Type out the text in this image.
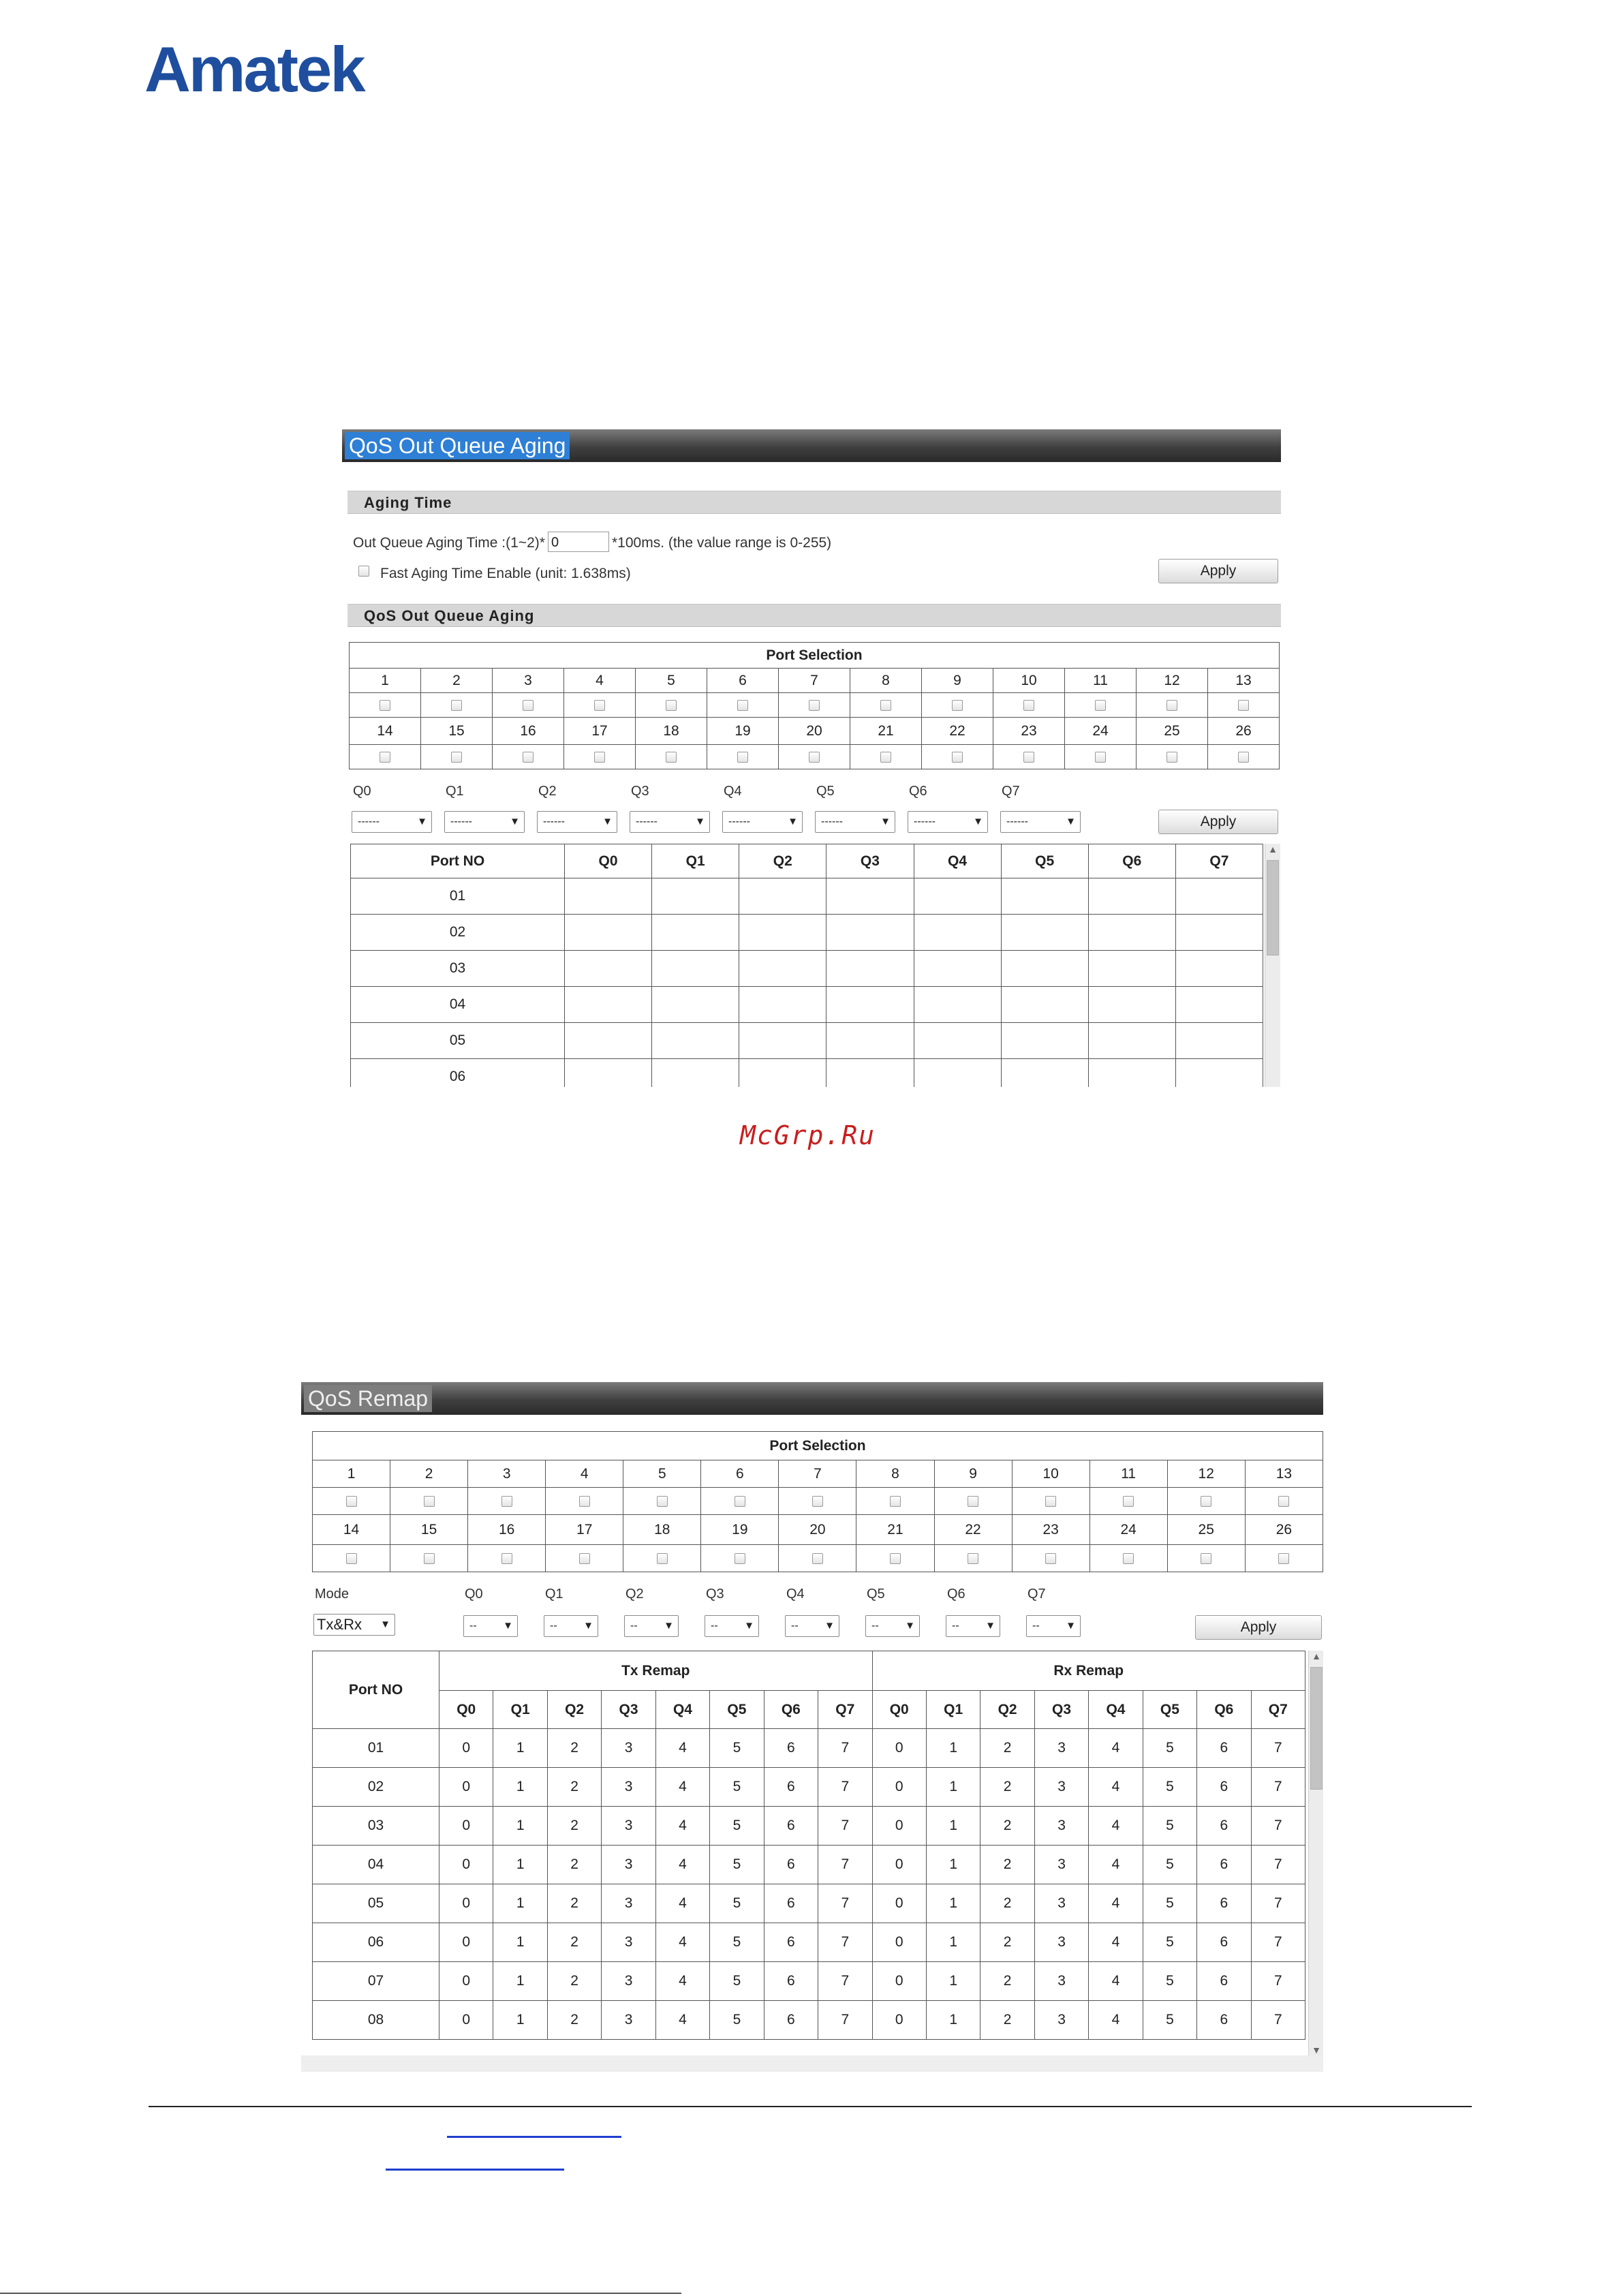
Amatek
QoS Out Queue Aging
Aging Time
Out Queue Aging Time :(1~2)* 0	*100ms. (the value range is 0-255)
Fast Aging Time Enable (unit: 1.638ms)	Apply
QoS Out Queue Aging
Port Selection												
1	2	3	4	5	6	7	8	9	10	11	12	13

14	15	16	17	18	19	20	21	22	23	24	25	26

Q0	Q1	Q2	Q3	Q4	Q5	Q6	Q7
------	▼	------	▼	------	▼	------	▼	------	▼	------	▼	------	▼	------	▼	Apply
Port NO	Q0	Q1	Q2	Q3	Q4	Q5	Q6	Q7
01								
02								
03								
04								
05								
06								
▲
McGrp.Ru
QoS Remap
Port Selection												
1	2	3	4	5	6	7	8	9	10	11	12	13

14	15	16	17	18	19	20	21	22	23	24	25	26

Mode	Q0	Q1	Q2	Q3	Q4	Q5	Q6	Q7
Tx&Rx ▼	--	▼	--	▼	--	▼	--	▼	--	▼	--	▼	--	▼	--	▼	Apply
Port NO	Tx Remap								Rx Remap							
	Q0	Q1	Q2	Q3	Q4	Q5	Q6	Q7	Q0	Q1	Q2	Q3	Q4	Q5	Q6	Q7
01	0	1	2	3	4	5	6	7	0	1	2	3	4	5	6	7
02	0	1	2	3	4	5	6	7	0	1	2	3	4	5	6	7
03	0	1	2	3	4	5	6	7	0	1	2	3	4	5	6	7
04	0	1	2	3	4	5	6	7	0	1	2	3	4	5	6	7
05	0	1	2	3	4	5	6	7	0	1	2	3	4	5	6	7
06	0	1	2	3	4	5	6	7	0	1	2	3	4	5	6	7
07	0	1	2	3	4	5	6	7	0	1	2	3	4	5	6	7
08	0	1	2	3	4	5	6	7	0	1	2	3	4	5	6	7
▲
▼
